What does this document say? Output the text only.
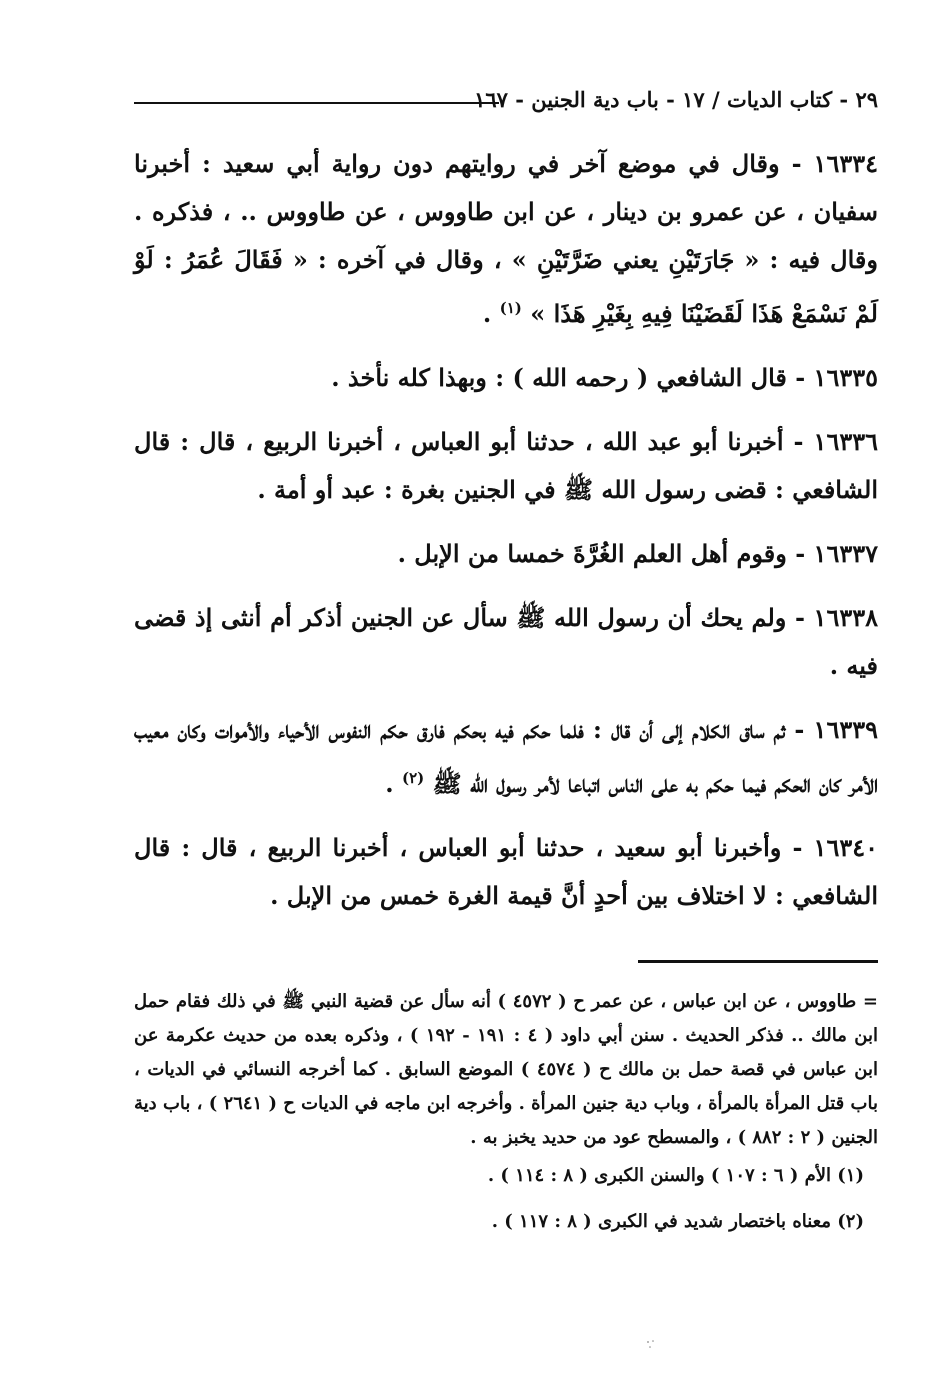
٢٩ - كتاب الديات / ١٧ - باب دية الجنين - ١٦٧

١٦٣٣٤ - وقال في موضع آخر في روايتهم دون رواية أبي سعيد : أخبرنا سفيان ، عن عمرو بن دينار ، عن ابن طاووس ، عن طاووس .. ، فذكره . وقال فيه : « جَارَتَيْنِ يعني ضَرَّتَيْنِ » ، وقال في آخره : « فَقَالَ عُمَرُ : لَوْ لَمْ نَسْمَعْ هَذَا لَقَضَيْنَا فِيهِ بِغَيْرِ هَذَا » $^{(١)}$ .

١٦٣٣٥ - قال الشافعي ( رحمه الله ) : وبهذا كله نأخذ .

١٦٣٣٦ - أخبرنا أبو عبد الله ، حدثنا أبو العباس ، أخبرنا الربيع ، قال : قال الشافعي : قضى رسول الله ﷺ في الجنين بغرة : عبد أو أمة .

١٦٣٣٧ - وقوم أهل العلم الغُرَّةَ خمسا من الإبل .

١٦٣٣٨ - ولم يحك أن رسول الله ﷺ سأل عن الجنين أذكر أم أنثى إذ قضى فيه .

١٦٣٣٩ - ثم ساق الكلام إلى أن قال : فلما حكم فيه بحكم فارق حكم النفوس الأحياء والأموات وكان معيب الأمر كان الحكم فيما حكم به على الناس اتباعا لأمر رسول الله ﷺ $^{(٢)}$ .

١٦٣٤٠ - وأخبرنا أبو سعيد ، حدثنا أبو العباس ، أخبرنا الربيع ، قال : قال الشافعي : لا اختلاف بين أحدٍ أنَّ قيمة الغرة خمس من الإبل .

= طاووس ، عن ابن عباس ، عن عمر ح ( ٤٥٧٢ ) أنه سأل عن قضية النبي ﷺ في ذلك فقام حمل ابن مالك .. فذكر الحديث . سنن أبي داود ( ٤ : ١٩١ - ١٩٢ ) ، وذكره بعده من حديث عكرمة عن ابن عباس في قصة حمل بن مالك ح ( ٤٥٧٤ ) الموضع السابق . كما أخرجه النسائي في الديات ، باب قتل المرأة بالمرأة ، وباب دية جنين المرأة . وأخرجه ابن ماجه في الديات ح ( ٢٦٤١ ) ، باب دية الجنين ( ٢ : ٨٨٢ ) ، والمسطح عود من حديد يخبز به .

(١) الأم ( ٦ : ١٠٧ ) والسنن الكبرى ( ٨ : ١١٤ ) .

(٢) معناه باختصار شديد في الكبرى ( ٨ : ١١٧ ) .
